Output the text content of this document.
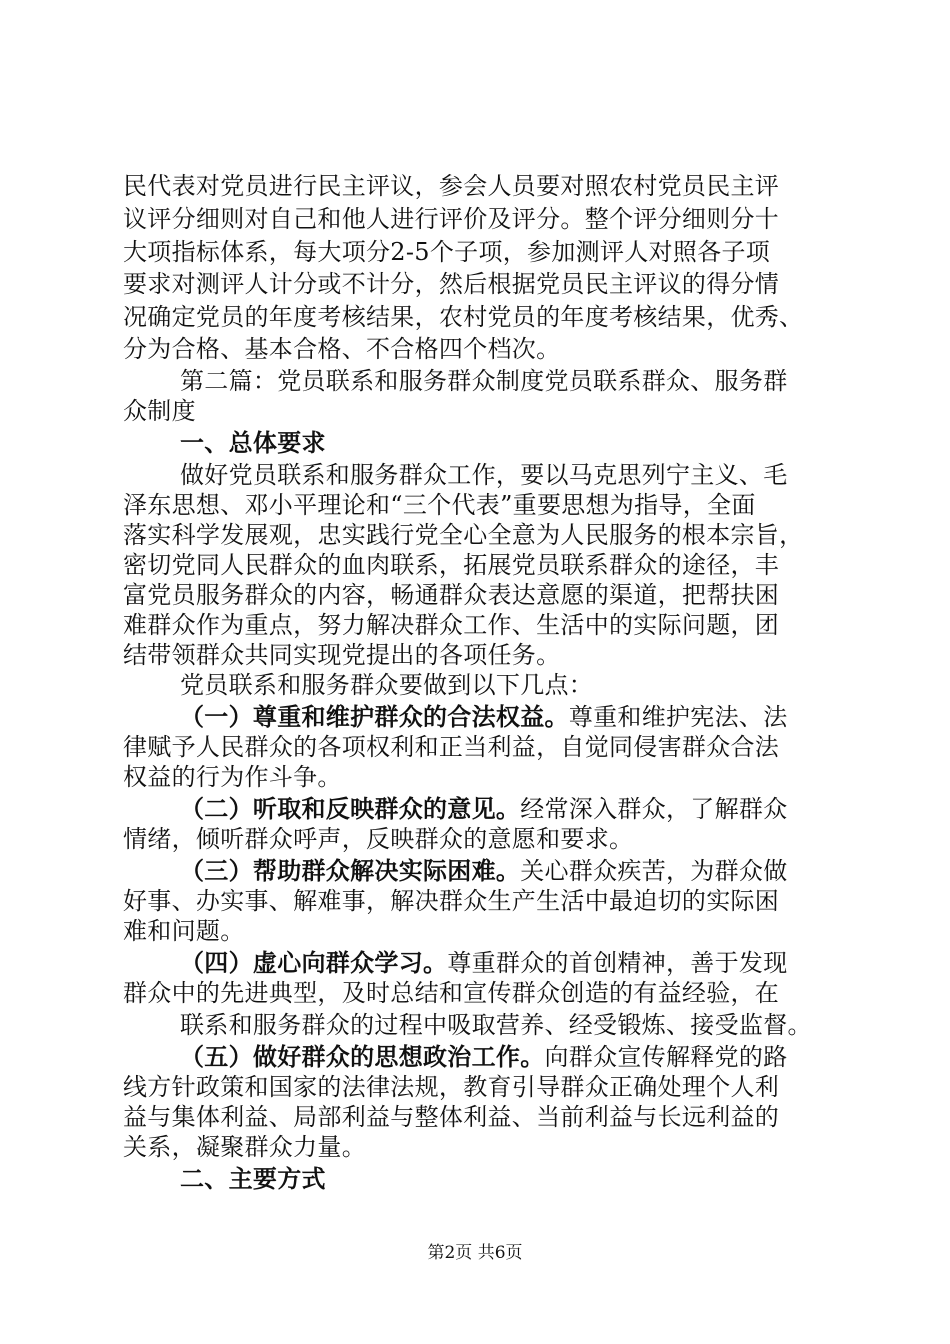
民代表对党员进行民主评议，参会人员要对照农村党员民主评
议评分细则对自己和他人进行评价及评分。整个评分细则分十
大项指标体系，每大项分2-5个子项，参加测评人对照各子项
要求对测评人计分或不计分，然后根据党员民主评议的得分情
况确定党员的年度考核结果，农村党员的年度考核结果，优秀、
分为合格、基本合格、不合格四个档次。
第二篇：党员联系和服务群众制度党员联系群众、服务群
众制度
一、总体要求
做好党员联系和服务群众工作，要以马克思列宁主义、毛
泽东思想、邓小平理论和“三个代表”重要思想为指导，全面
落实科学发展观，忠实践行党全心全意为人民服务的根本宗旨，
密切党同人民群众的血肉联系，拓展党员联系群众的途径，丰
富党员服务群众的内容，畅通群众表达意愿的渠道，把帮扶困
难群众作为重点，努力解决群众工作、生活中的实际问题，团
结带领群众共同实现党提出的各项任务。
党员联系和服务群众要做到以下几点：
（一）尊重和维护群众的合法权益。尊重和维护宪法、法
律赋予人民群众的各项权利和正当利益，自觉同侵害群众合法
权益的行为作斗争。
（二）听取和反映群众的意见。经常深入群众，了解群众
情绪，倾听群众呼声，反映群众的意愿和要求。
（三）帮助群众解决实际困难。关心群众疾苦，为群众做
好事、办实事、解难事，解决群众生产生活中最迫切的实际困
难和问题。
（四）虚心向群众学习。尊重群众的首创精神，善于发现
群众中的先进典型，及时总结和宣传群众创造的有益经验，在
联系和服务群众的过程中吸取营养、经受锻炼、接受监督。
（五）做好群众的思想政治工作。向群众宣传解释党的路
线方针政策和国家的法律法规，教育引导群众正确处理个人利
益与集体利益、局部利益与整体利益、当前利益与长远利益的
关系，凝聚群众力量。
二、主要方式
第2页 共6页
